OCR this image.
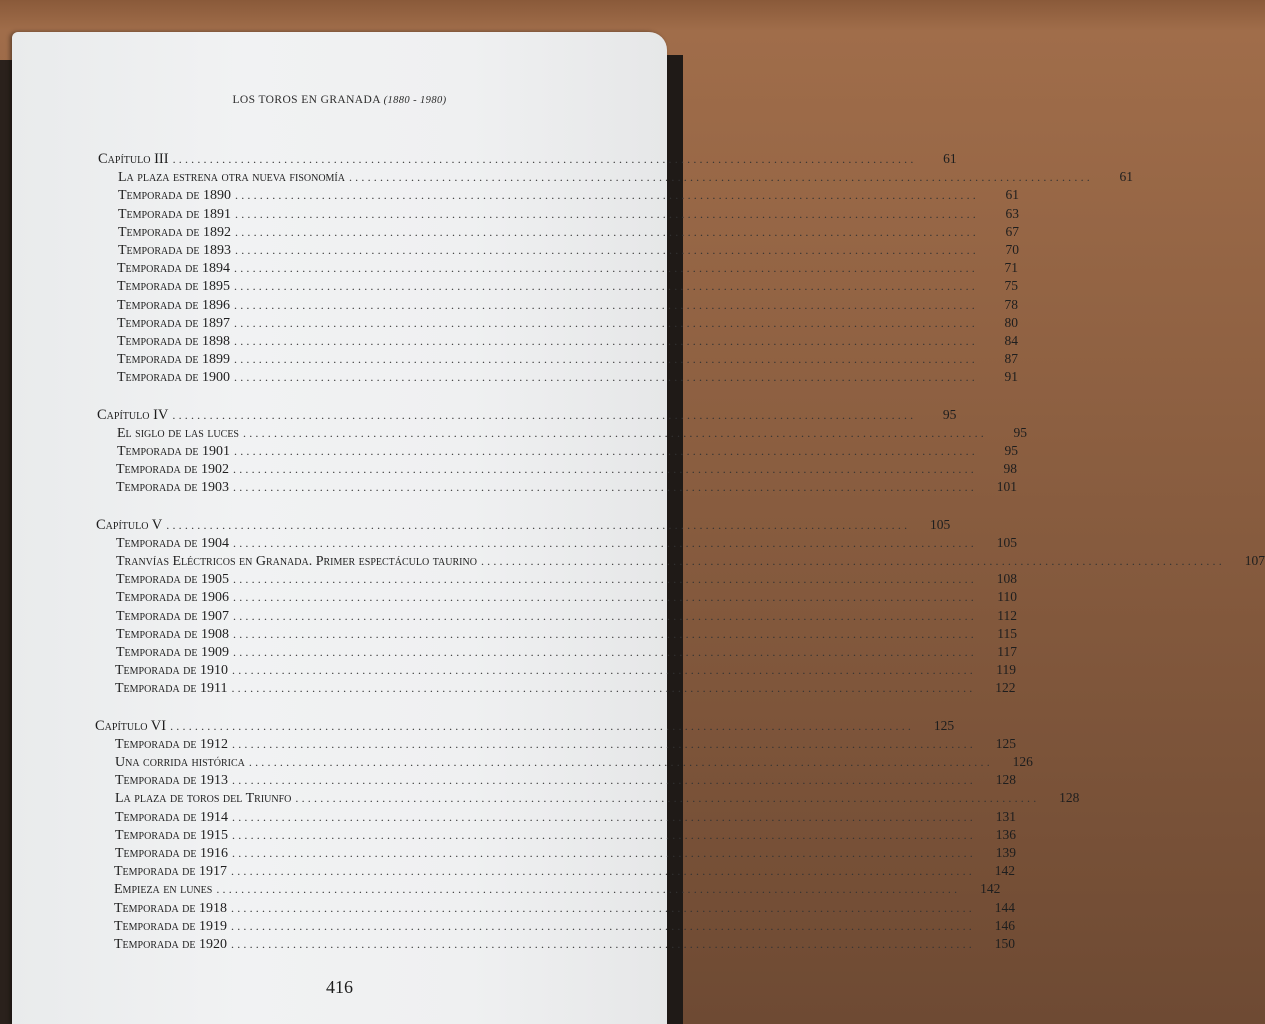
LOS TOROS EN GRANADA (1880 - 1980)
Capítulo III ........................................................................................................................	61
La plaza estrena otra nueva fisonomía ........................................................................................................................	61
Temporada de 1890 ........................................................................................................................	61
Temporada de 1891 ........................................................................................................................	63
Temporada de 1892 ........................................................................................................................	67
Temporada de 1893 ........................................................................................................................	70
Temporada de 1894 ........................................................................................................................	71
Temporada de 1895 ........................................................................................................................	75
Temporada de 1896 ........................................................................................................................	78
Temporada de 1897 ........................................................................................................................	80
Temporada de 1898 ........................................................................................................................	84
Temporada de 1899 ........................................................................................................................	87
Temporada de 1900 ........................................................................................................................	91
Capítulo IV ........................................................................................................................	95
El siglo de las luces ........................................................................................................................	95
Temporada de 1901 ........................................................................................................................	95
Temporada de 1902 ........................................................................................................................	98
Temporada de 1903 ........................................................................................................................	101
Capítulo V ........................................................................................................................	105
Temporada de 1904 ........................................................................................................................	105
Tranvías Eléctricos en Granada. Primer espectáculo taurino ........................................................................................................................	107
Temporada de 1905 ........................................................................................................................	108
Temporada de 1906 ........................................................................................................................	110
Temporada de 1907 ........................................................................................................................	112
Temporada de 1908 ........................................................................................................................	115
Temporada de 1909 ........................................................................................................................	117
Temporada de 1910 ........................................................................................................................	119
Temporada de 1911 ........................................................................................................................	122
Capítulo VI ........................................................................................................................	125
Temporada de 1912 ........................................................................................................................	125
Una corrida histórica ........................................................................................................................	126
Temporada de 1913 ........................................................................................................................	128
La plaza de toros del Triunfo ........................................................................................................................	128
Temporada de 1914 ........................................................................................................................	131
Temporada de 1915 ........................................................................................................................	136
Temporada de 1916 ........................................................................................................................	139
Temporada de 1917 ........................................................................................................................	142
Empieza en lunes ........................................................................................................................	142
Temporada de 1918 ........................................................................................................................	144
Temporada de 1919 ........................................................................................................................	146
Temporada de 1920 ........................................................................................................................	150
416
